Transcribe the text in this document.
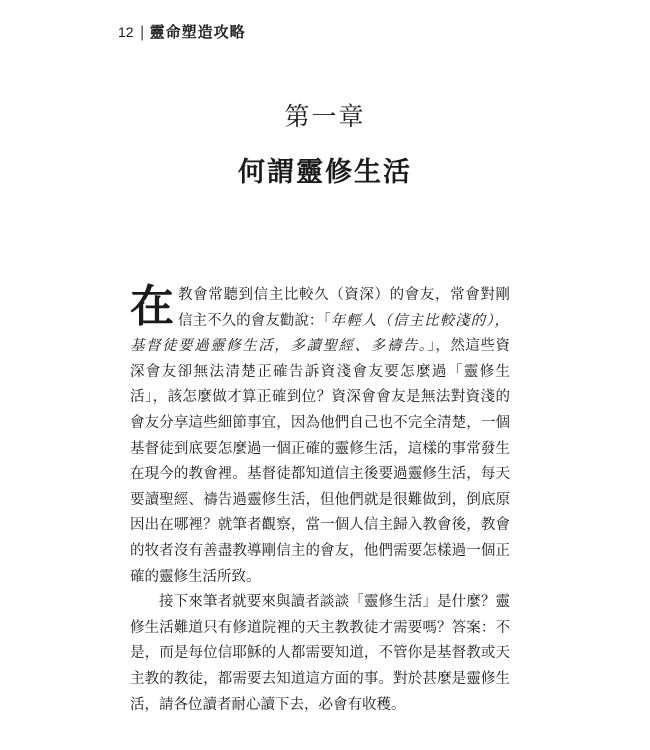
12 | 靈命塑造攻略
第一章
何謂靈修生活

在教會常聽到信主比較久（資深）的會友，常會對剛信主不久的會友勸說：「年輕人（信主比較淺的），基督徒要過靈修生活，多讀聖經、多禱告。」，然這些資深會友卻無法清楚正確告訴資淺會友要怎麼過「靈修生活」，該怎麼做才算正確到位？資深會會友是無法對資淺的會友分享這些細節事宜，因為他們自己也不完全清楚，一個基督徒到底要怎麼過一個正確的靈修生活，這樣的事常發生在現今的教會裡。基督徒都知道信主後要過靈修生活，每天要讀聖經、禱告過靈修生活，但他們就是很難做到，倒底原因出在哪裡？就筆者觀察，當一個人信主歸入教會後，教會的牧者沒有善盡教導剛信主的會友，他們需要怎樣過一個正確的靈修生活所致。

接下來筆者就要來與讀者談談「靈修生活」是什麼？靈修生活難道只有修道院裡的天主教教徒才需要嗎？答案：不是，而是每位信耶穌的人都需要知道，不管你是基督教或天主教的教徒，都需要去知道這方面的事。對於甚麼是靈修生活，請各位讀者耐心讀下去，必會有收穫。
